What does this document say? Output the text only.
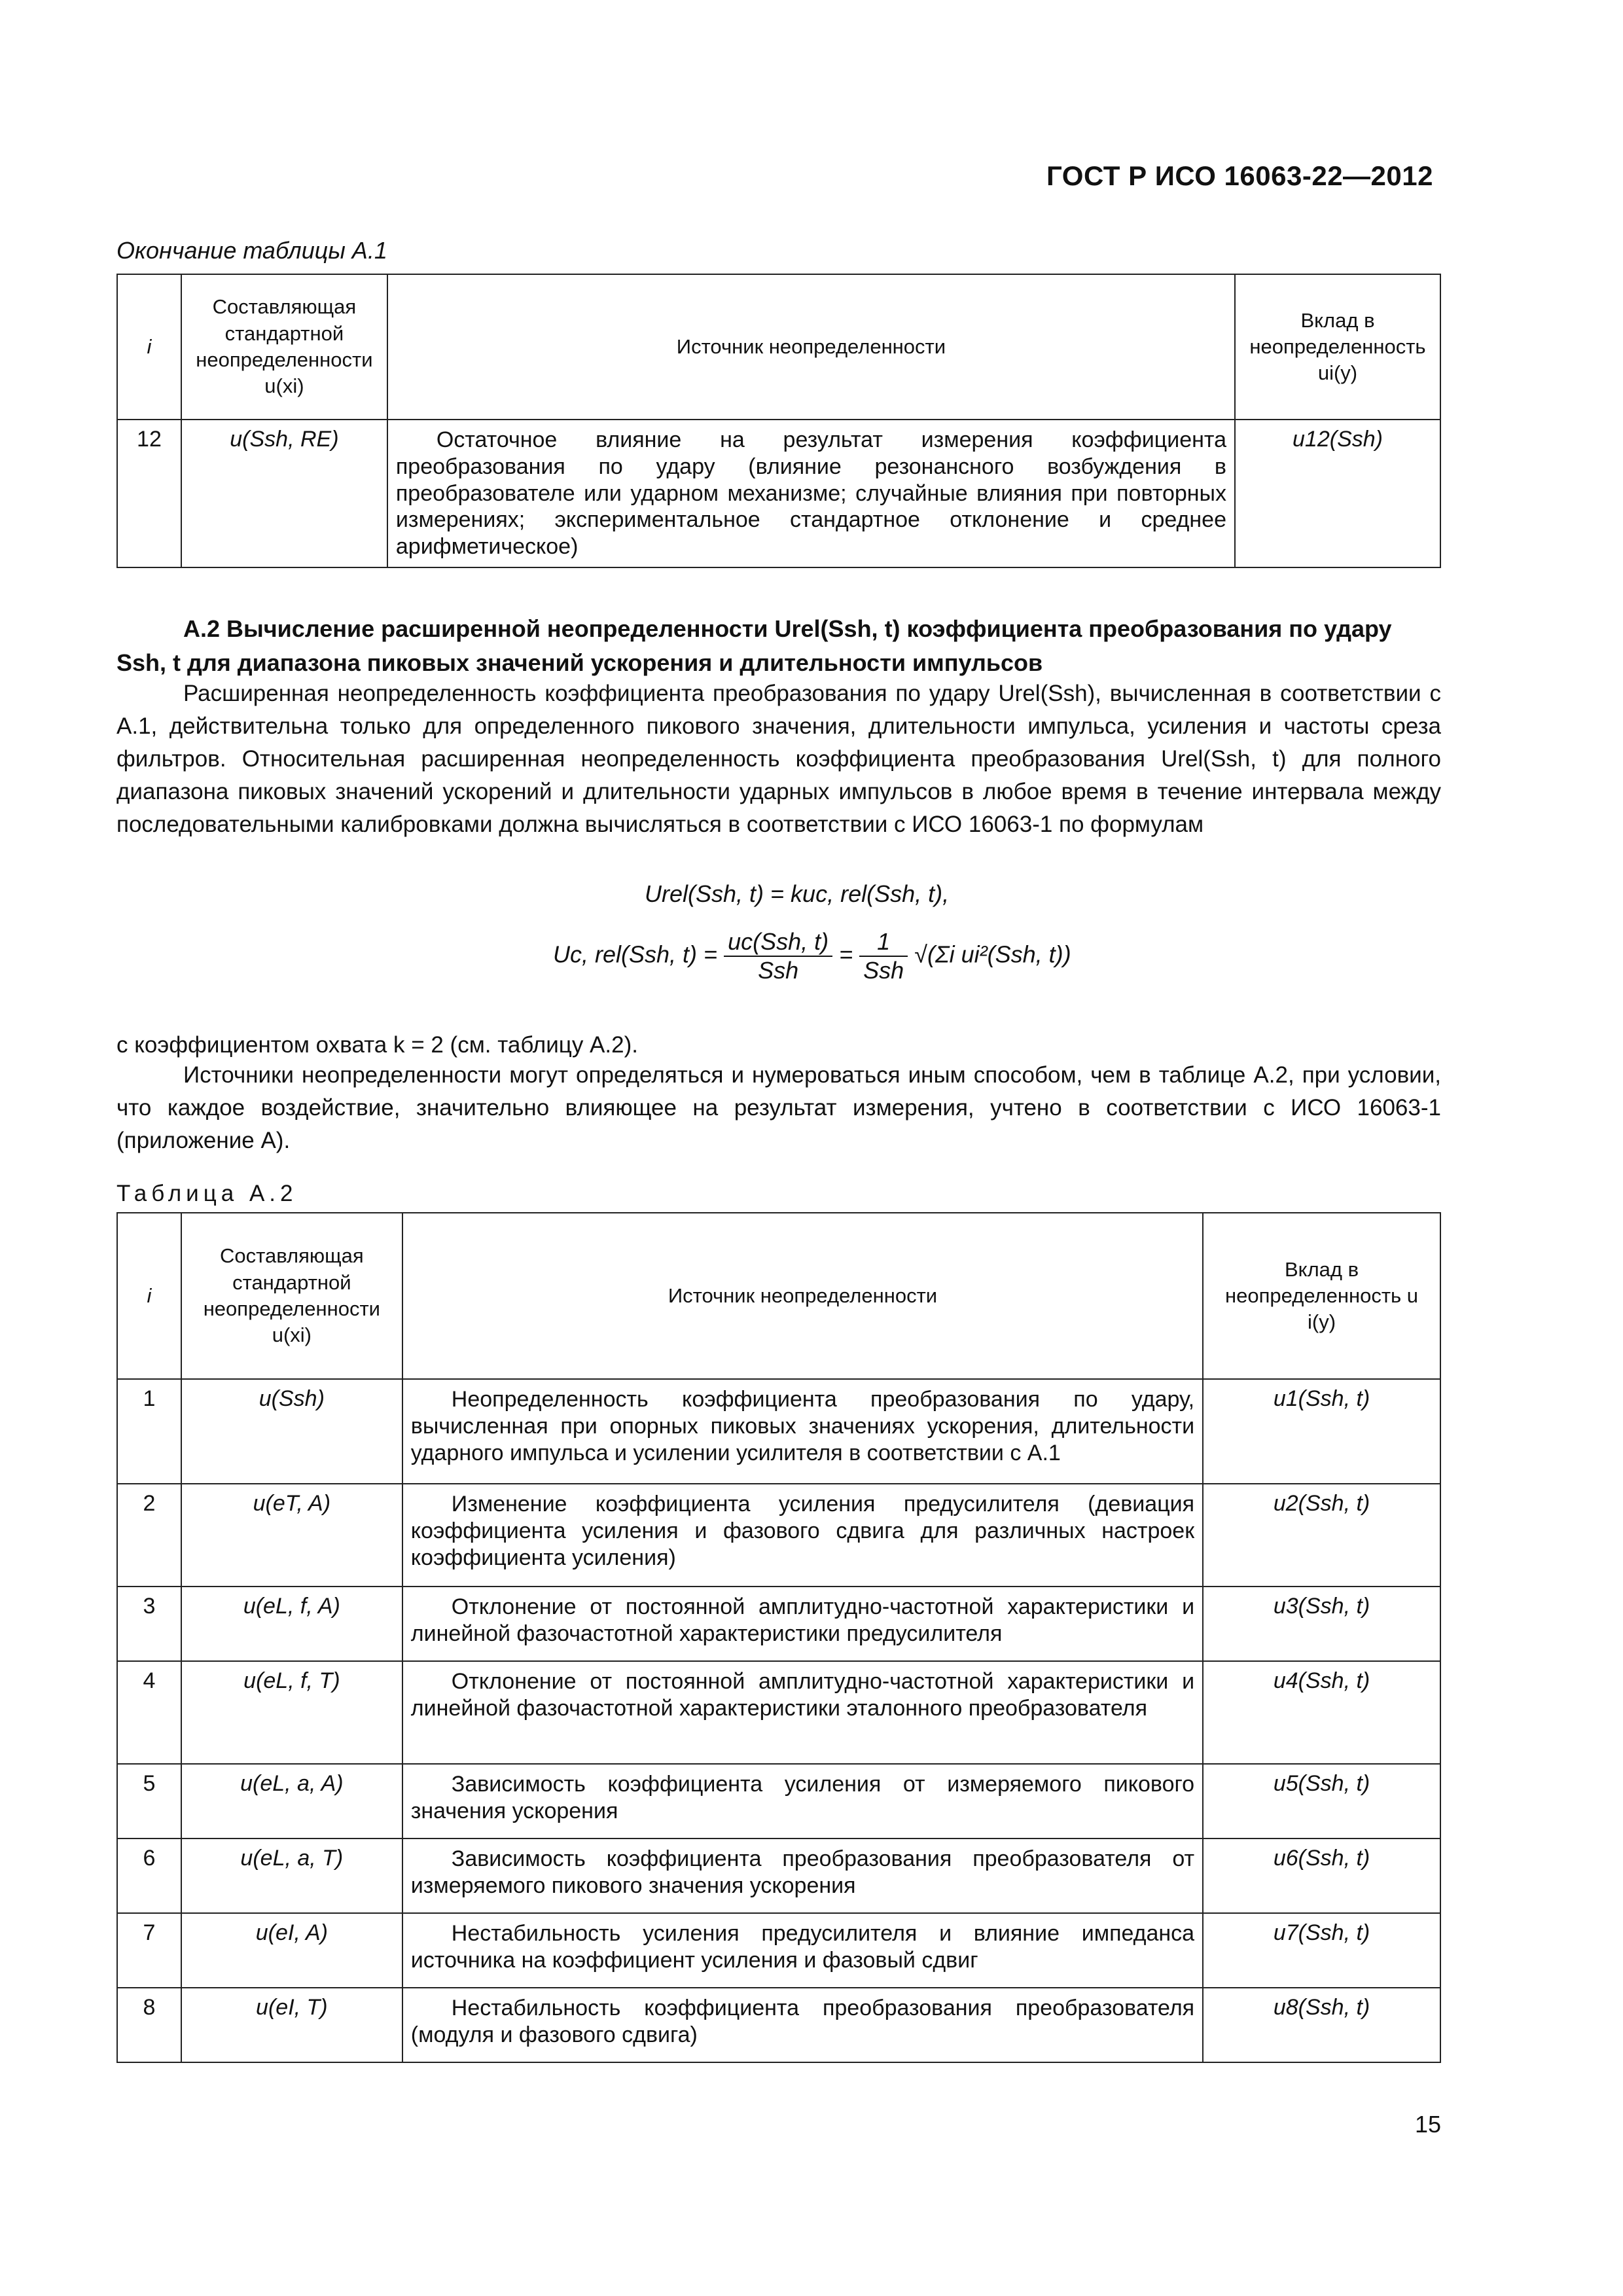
ГОСТ Р ИСО 16063-22—2012
Окончание таблицы А.1
i	Составляющая стандартной неопределенности u(xi)	Источник неопределенности	Вклад в неопределенность ui(y)
12	u(Ssh, RE)	Остаточное влияние на результат измерения коэффициента преобразования по удару (влияние резонансного возбуждения в преобразователе или ударном механизме; случайные влияния при повторных измерениях; экспериментальное стандартное отклонение и среднее арифметическое)	u12(Ssh)
А.2 Вычисление расширенной неопределенности Urel(Ssh, t) коэффициента преобразования по удару Ssh, t для диапазона пиковых значений ускорения и длительности импульсов
Расширенная неопределенность коэффициента преобразования по удару Urel(Ssh), вычисленная в соответствии с А.1, действительна только для определенного пикового значения, длительности импульса, усиления и частоты среза фильтров. Относительная расширенная неопределенность коэффициента преобразования Urel(Ssh, t) для полного диапазона пиковых значений ускорений и длительности ударных импульсов в любое время в течение интервала между последовательными калибровками должна вычисляться в соответствии с ИСО 16063-1 по формулам
Urel(Ssh, t) = kuc, rel(Ssh, t),
Uc, rel(Ssh, $t) = \frac{\text{uc(Ssh, t)}}{\text{Ssh}} = \frac{1}{\text{Ssh}} √(\Sigma i$ ui²(Ssh, t))
с коэффициентом охвата k = 2 (см. таблицу А.2).
Источники неопределенности могут определяться и нумероваться иным способом, чем в таблице А.2, при условии, что каждое воздействие, значительно влияющее на результат измерения, учтено в соответствии с ИСО 16063-1 (приложение А).
Таблица А.2
i	Составляющая стандартной неопределенности u(xi)	Источник неопределенности	Вклад в неопределенность u i(y)
1	u(Ssh)	Неопределенность коэффициента преобразования по удару, вычисленная при опорных пиковых значениях ускорения, длительности ударного импульса и усилении усилителя в соответствии с А.1	u1(Ssh, t)
2	u(eT, A)	Изменение коэффициента усиления предусилителя (девиация коэффициента усиления и фазового сдвига для различных настроек коэффициента усиления)	u2(Ssh, t)
3	u(eL, f, A)	Отклонение от постоянной амплитудно-частотной характеристики и линейной фазочастотной характеристики предусилителя	u3(Ssh, t)
4	u(eL, f, T)	Отклонение от постоянной амплитудно-частотной характеристики и линейной фазочастотной характеристики эталонного преобразователя	u4(Ssh, t)
5	u(eL, a, A)	Зависимость коэффициента усиления от измеряемого пикового значения ускорения	u5(Ssh, t)
6	u(eL, a, T)	Зависимость коэффициента преобразования преобразователя от измеряемого пикового значения ускорения	u6(Ssh, t)
7	u(eI, A)	Нестабильность усиления предусилителя и влияние импеданса источника на коэффициент усиления и фазовый сдвиг	u7(Ssh, t)
8	u(eI, T)	Нестабильность коэффициента преобразования преобразователя (модуля и фазового сдвига)	u8(Ssh, t)
15
